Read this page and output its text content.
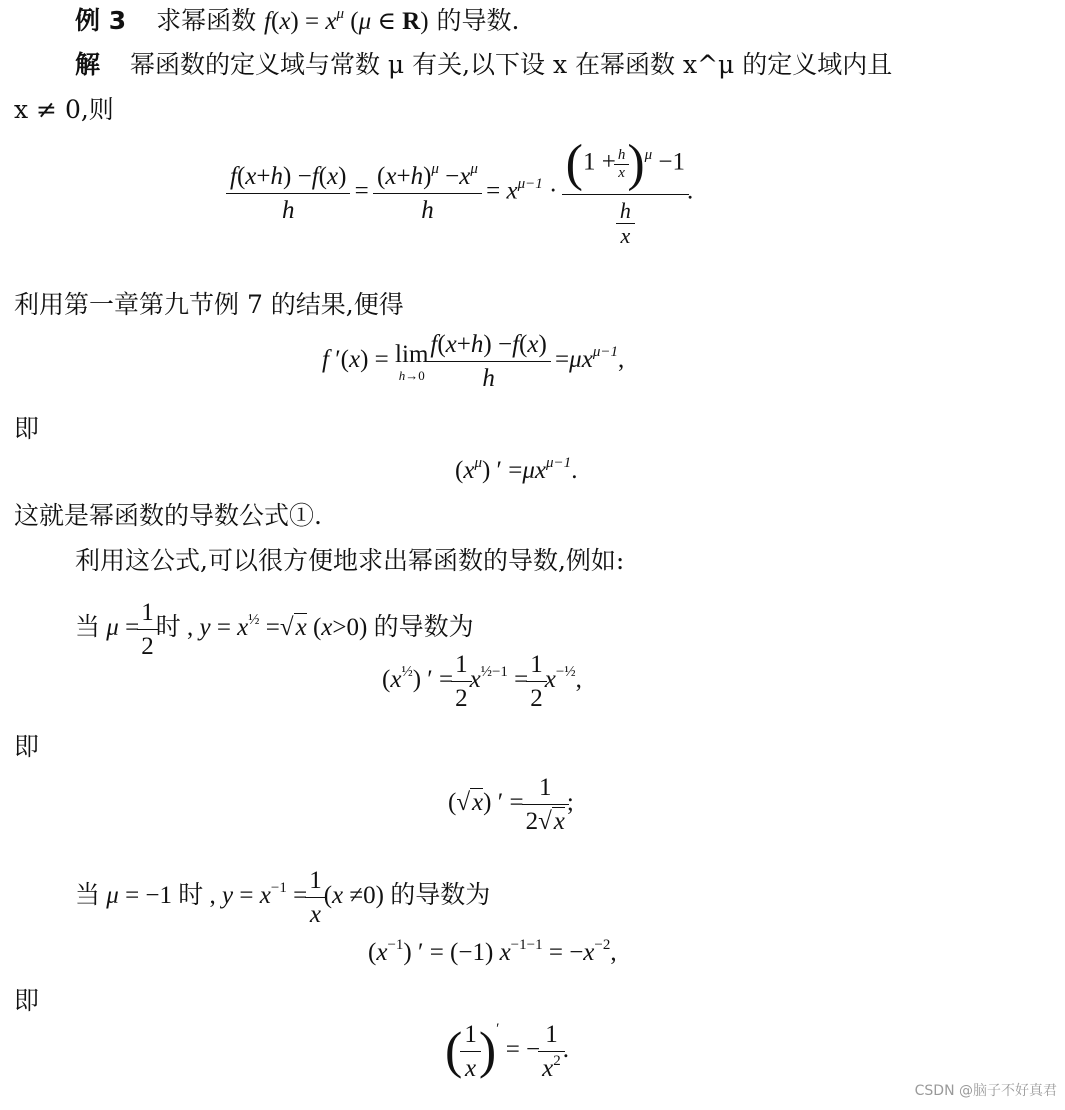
例 3 求幂函数 $f(x) = x^\mu$ (μ ∈ R) 的导数.
解 幂函数的定义域与常数 μ 有关,以下设 x 在幂函数 x^μ 的定义域内且
x ≠ 0,则
$\frac{f(x+h) -f(x)}{h} = \frac{(x+h)^\mu -x^\mu}{h} = x^{\mu-1} \cdot \frac{(1 + \frac{h}{x} )^\mu -1}{\frac{h}{x}}$ .
利用第一章第九节例 7 的结果,便得
f ′(x) = lim
$h\to 0 \frac{f(x+h) -f(x)}{h} =\mu x^{\mu-1}$,
即
$(x^\mu)$ ′ $=\mu x^{\mu-1}$.
这就是幂函数的导数公式①.
利用这公式,可以很方便地求出幂函数的导数,例如:
当 $\mu = \frac{1}{2}$ 时 , $y = x^{\frac{1}{2}} =√x$ (x>0) 的导数为
$(x^{\frac{1}{2}})$ ′ = $\frac{1}{2} x^{\frac{1}{2}-1} = \frac{1}{2} x^{-\frac{1}{2}}$,
即
(√x) ′ = $\frac{1}{2√x}$ ;
当 μ = −1 时 , $y = x^{-1} = \frac{1}{x} (x \ne 0)$ 的导数为
$(x^{-1})$ ′ = (−1) $x^{-1-1} = -x^{-2}$,
即
( $\frac{1}{x} )'$ = − $\frac{1}{x^2}$ .
CSDN @脑子不好真君
